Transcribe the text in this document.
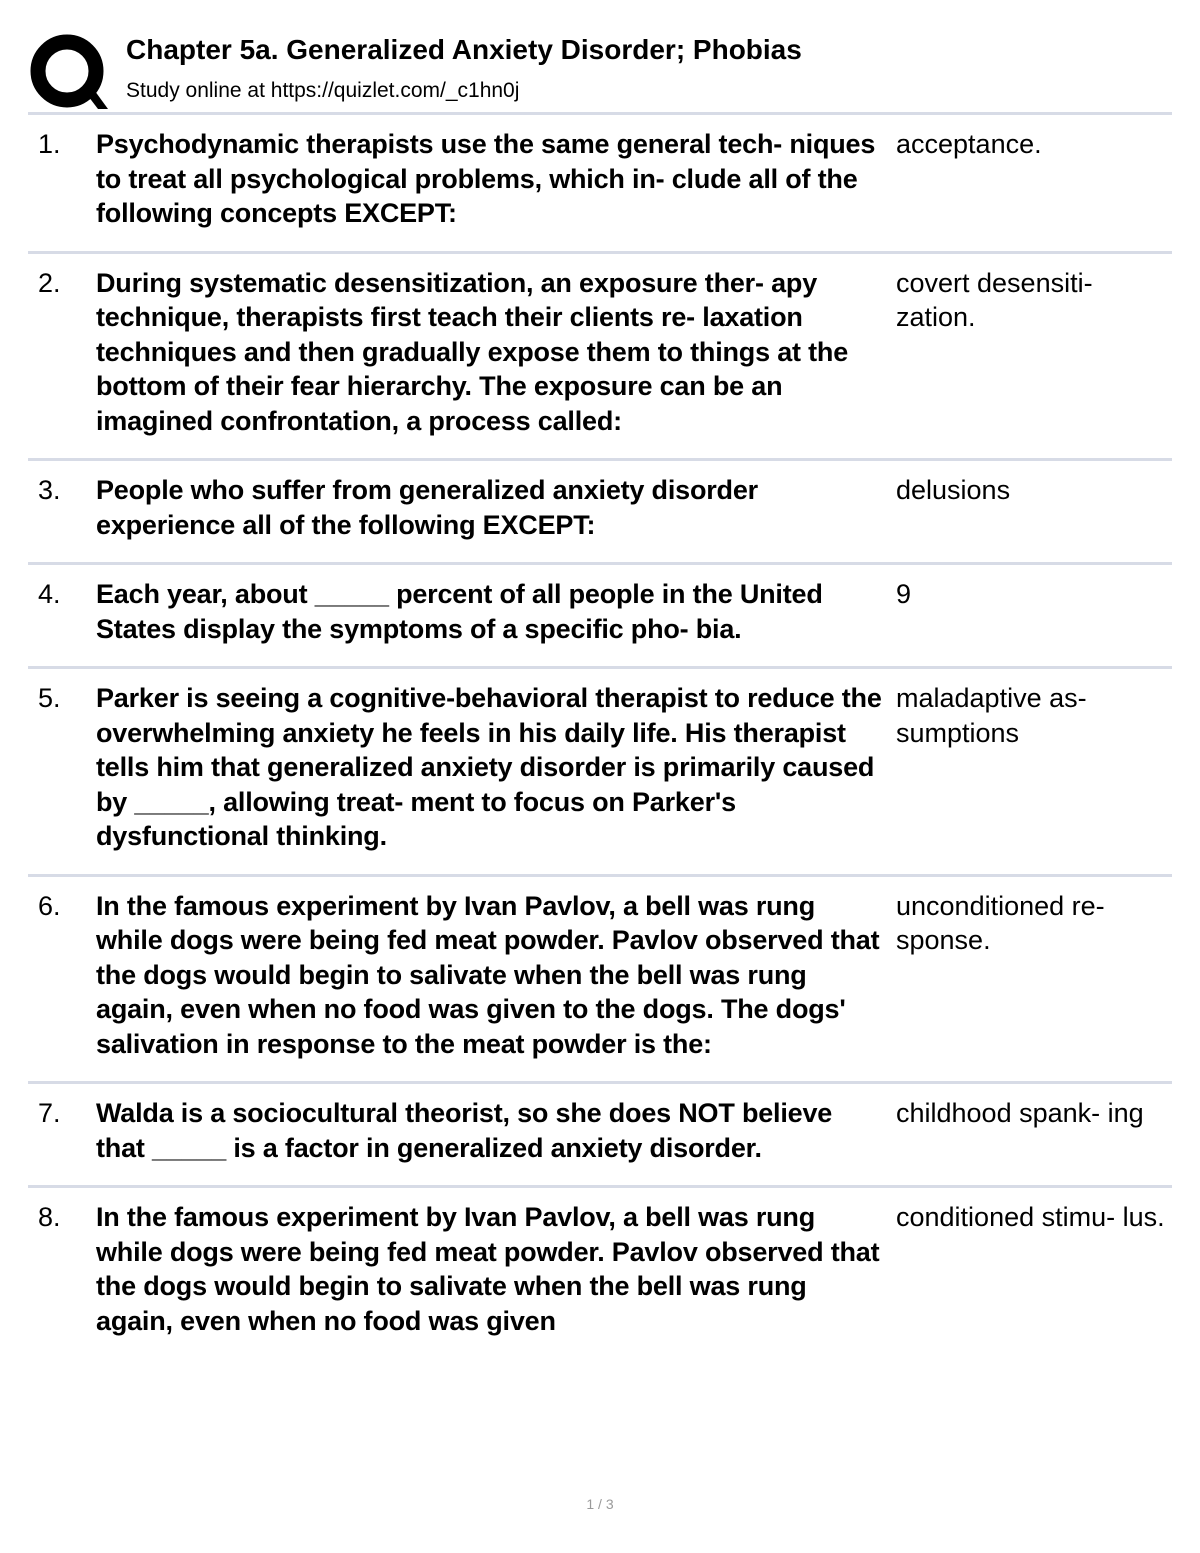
Chapter 5a. Generalized Anxiety Disorder; Phobias
Study online at https://quizlet.com/_c1hn0j
1. Psychodynamic therapists use the same general tech- niques to treat all psychological problems, which in- clude all of the following concepts EXCEPT:
acceptance.
2. During systematic desensitization, an exposure ther- apy technique, therapists first teach their clients re- laxation techniques and then gradually expose them to things at the bottom of their fear hierarchy. The exposure can be an imagined confrontation, a process called:
covert desensiti- zation.
3. People who suffer from generalized anxiety disorder experience all of the following EXCEPT:
delusions
4. Each year, about _____ percent of all people in the United States display the symptoms of a specific pho- bia.
9
5. Parker is seeing a cognitive-behavioral therapist to reduce the overwhelming anxiety he feels in his daily life. His therapist tells him that generalized anxiety disorder is primarily caused by _____, allowing treat- ment to focus on Parker's dysfunctional thinking.
maladaptive as- sumptions
6. In the famous experiment by Ivan Pavlov, a bell was rung while dogs were being fed meat powder. Pavlov observed that the dogs would begin to salivate when the bell was rung again, even when no food was given to the dogs. The dogs' salivation in response to the meat powder is the:
unconditioned re- sponse.
7. Walda is a sociocultural theorist, so she does NOT believe that _____ is a factor in generalized anxiety disorder.
childhood spank- ing
8. In the famous experiment by Ivan Pavlov, a bell was rung while dogs were being fed meat powder. Pavlov observed that the dogs would begin to salivate when the bell was rung again, even when no food was given
conditioned stimu- lus.
1 / 3
